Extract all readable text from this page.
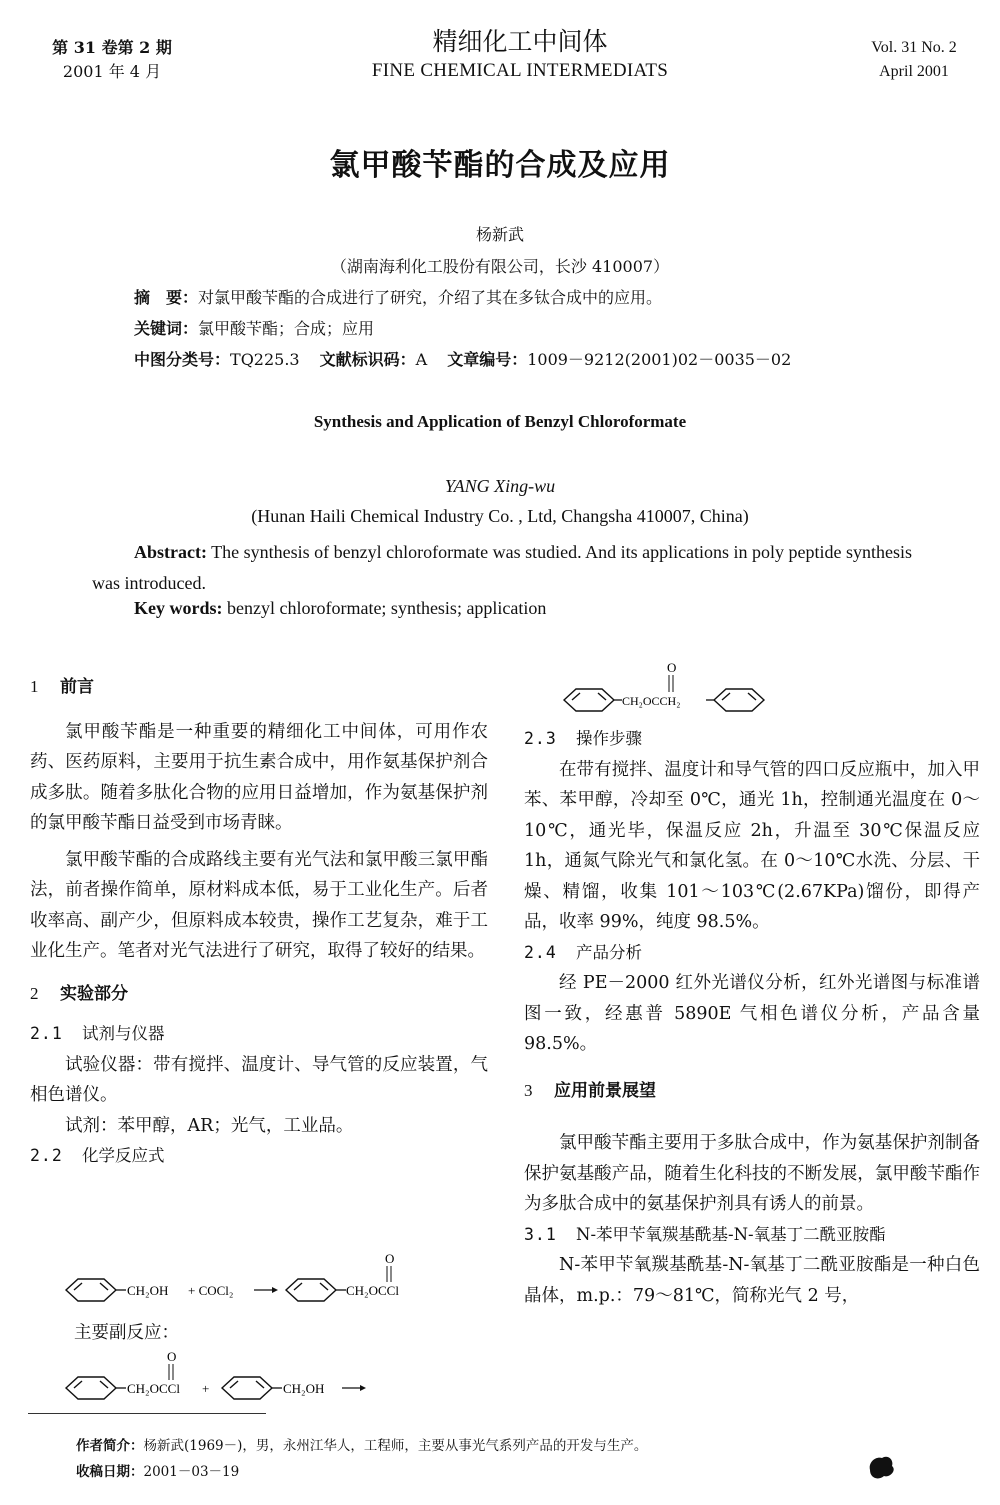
第 31 卷第 2 期
2001 年 4 月
精细化工中间体
FINE CHEMICAL INTERMEDIATS
Vol. 31 No. 2
April 2001
氯甲酸苄酯的合成及应用
杨新武
（湖南海利化工股份有限公司，长沙 410007）
摘　要：对氯甲酸苄酯的合成进行了研究，介绍了其在多钛合成中的应用。
关键词：氯甲酸苄酯；合成；应用
中图分类号：TQ225.3 文献标识码：A 文章编号：1009－9212(2001)02－0035－02
Synthesis and Application of Benzyl Chloroformate
YANG Xing-wu
(Hunan Haili Chemical Industry Co. , Ltd, Changsha 410007, China)
Abstract: The synthesis of benzyl chloroformate was studied. And its applications in poly peptide synthesis was introduced.
Key words: benzyl chloroformate; synthesis; application
1 前言
氯甲酸苄酯是一种重要的精细化工中间体，可用作农药、医药原料，主要用于抗生素合成中，用作氨基保护剂合成多肽。随着多肽化合物的应用日益增加，作为氨基保护剂的氯甲酸苄酯日益受到市场青睐。
氯甲酸苄酯的合成路线主要有光气法和氯甲酸三氯甲酯法，前者操作简单，原材料成本低，易于工业化生产。后者收率高、副产少，但原料成本较贵，操作工艺复杂，难于工业化生产。笔者对光气法进行了研究，取得了较好的结果。
2 实验部分
2.1 试剂与仪器
试验仪器：带有搅拌、温度计、导气管的反应装置，气相色谱仪。
试剂：苯甲醇，AR；光气，工业品。
2.2 化学反应式
CH₂OH + COCl₂	CH₂OCCl
O
主要副反应：
CH₂OCCl
O
+	CH₂OH
CH₂OCCH₂
O
2.3 操作步骤
在带有搅拌、温度计和导气管的四口反应瓶中，加入甲苯、苯甲醇，冷却至 0℃，通光 1h，控制通光温度在 0～10℃，通光毕，保温反应 2h，升温至 30℃保温反应 1h，通氮气除光气和氯化氢。在 0～10℃水洗、分层、干燥、精馏，收集 101～103℃(2.67KPa)馏份，即得产品，收率 99%，纯度 98.5%。
2.4 产品分析
经 PE－2000 红外光谱仪分析，红外光谱图与标准谱图一致，经惠普 5890E 气相色谱仪分析，产品含量 98.5%。
3 应用前景展望
氯甲酸苄酯主要用于多肽合成中，作为氨基保护剂制备保护氨基酸产品，随着生化科技的不断发展，氯甲酸苄酯作为多肽合成中的氨基保护剂具有诱人的前景。
3.1 N-苯甲苄氧羰基酰基-N-氧基丁二酰亚胺酯
N-苯甲苄氧羰基酰基-N-氧基丁二酰亚胺酯是一种白色晶体，m.p.：79～81℃，简称光气 2 号，
作者简介：杨新武(1969－)，男，永州江华人，工程师，主要从事光气系列产品的开发与生产。
收稿日期：2001－03－19
